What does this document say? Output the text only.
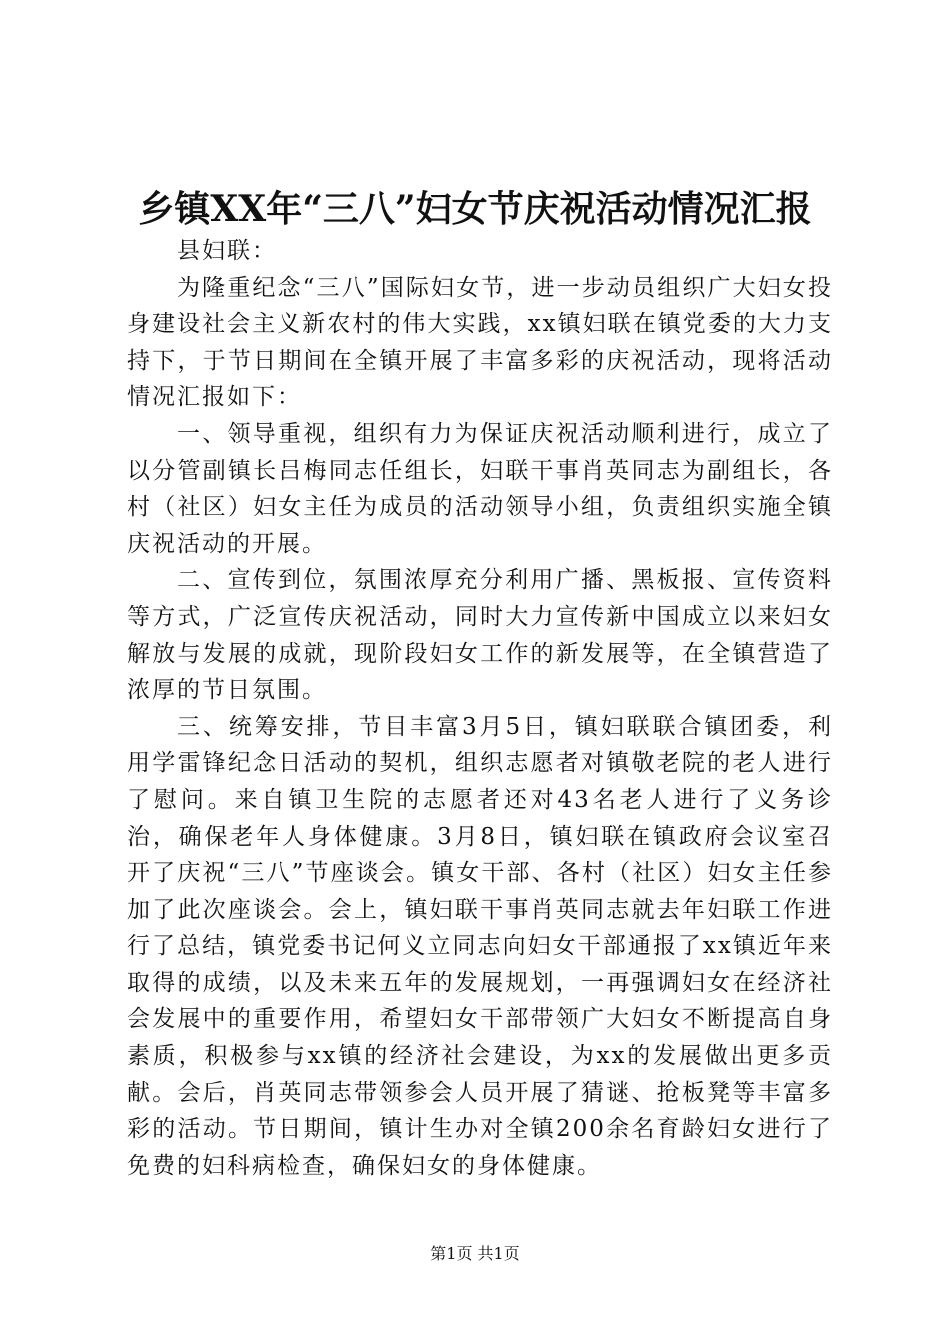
乡镇XX年“三八”妇女节庆祝活动情况汇报

县妇联：

为隆重纪念“三八”国际妇女节，进一步动员组织广大妇女投身建设社会主义新农村的伟大实践，xx镇妇联在镇党委的大力支持下，于节日期间在全镇开展了丰富多彩的庆祝活动，现将活动情况汇报如下：

一、领导重视，组织有力为保证庆祝活动顺利进行，成立了以分管副镇长吕梅同志任组长，妇联干事肖英同志为副组长，各村（社区）妇女主任为成员的活动领导小组，负责组织实施全镇庆祝活动的开展。

二、宣传到位，氛围浓厚充分利用广播、黑板报、宣传资料等方式，广泛宣传庆祝活动，同时大力宣传新中国成立以来妇女解放与发展的成就，现阶段妇女工作的新发展等，在全镇营造了浓厚的节日氛围。

三、统筹安排，节目丰富3月5日，镇妇联联合镇团委，利用学雷锋纪念日活动的契机，组织志愿者对镇敬老院的老人进行了慰问。来自镇卫生院的志愿者还对43名老人进行了义务诊治，确保老年人身体健康。3月8日，镇妇联在镇政府会议室召开了庆祝“三八”节座谈会。镇女干部、各村（社区）妇女主任参加了此次座谈会。会上，镇妇联干事肖英同志就去年妇联工作进行了总结，镇党委书记何义立同志向妇女干部通报了xx镇近年来取得的成绩，以及未来五年的发展规划，一再强调妇女在经济社会发展中的重要作用，希望妇女干部带领广大妇女不断提高自身素质，积极参与xx镇的经济社会建设，为xx的发展做出更多贡献。会后，肖英同志带领参会人员开展了猜谜、抢板凳等丰富多彩的活动。节日期间，镇计生办对全镇200余名育龄妇女进行了免费的妇科病检查，确保妇女的身体健康。

第1页 共1页
